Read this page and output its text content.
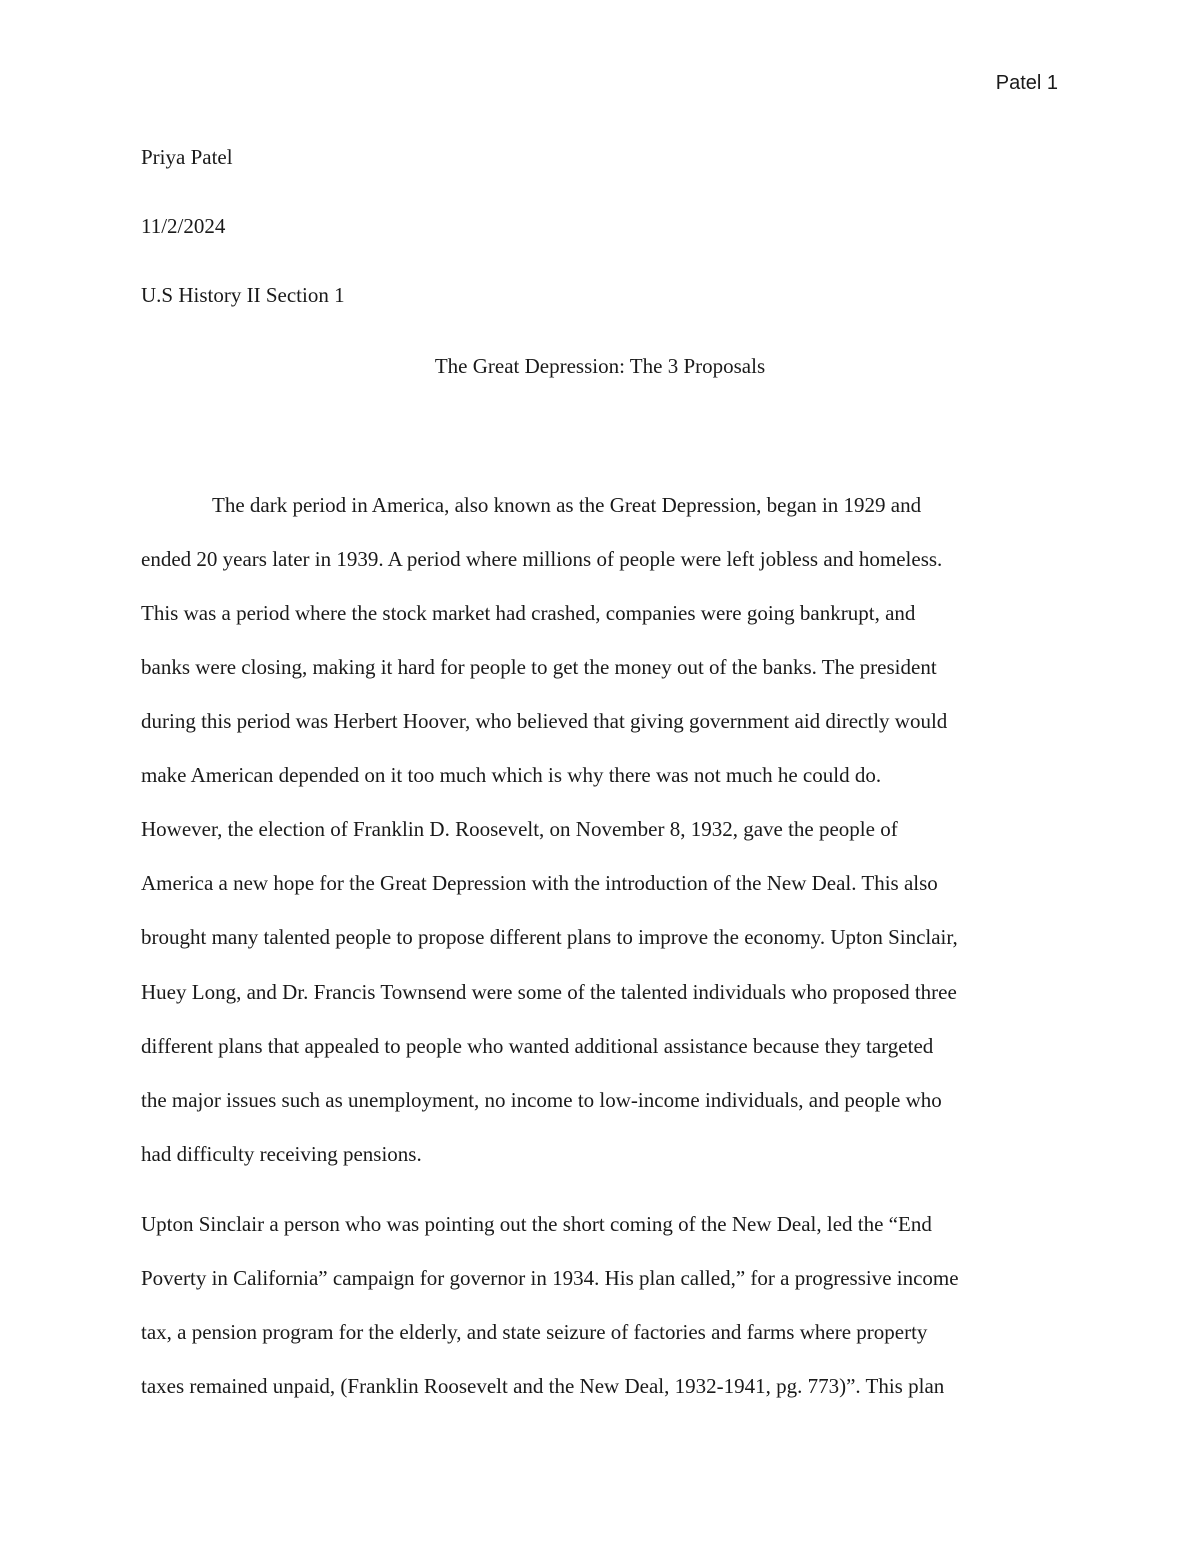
Patel 1
Priya Patel
11/2/2024
U.S History II Section 1
The Great Depression: The 3 Proposals
The dark period in America, also known as the Great Depression, began in 1929 and
ended 20 years later in 1939. A period where millions of people were left jobless and homeless.
This was a period where the stock market had crashed, companies were going bankrupt, and
banks were closing, making it hard for people to get the money out of the banks. The president
during this period was Herbert Hoover, who believed that giving government aid directly would
make American depended on it too much which is why there was not much he could do.
However, the election of Franklin D. Roosevelt, on November 8, 1932, gave the people of
America a new hope for the Great Depression with the introduction of the New Deal. This also
brought many talented people to propose different plans to improve the economy. Upton Sinclair,
Huey Long, and Dr. Francis Townsend were some of the talented individuals who proposed three
different plans that appealed to people who wanted additional assistance because they targeted
the major issues such as unemployment, no income to low-income individuals, and people who
had difficulty receiving pensions.
Upton Sinclair a person who was pointing out the short coming of the New Deal, led the “End
Poverty in California” campaign for governor in 1934. His plan called,” for a progressive income
tax, a pension program for the elderly, and state seizure of factories and farms where property
taxes remained unpaid, (Franklin Roosevelt and the New Deal, 1932-1941, pg. 773)”. This plan
